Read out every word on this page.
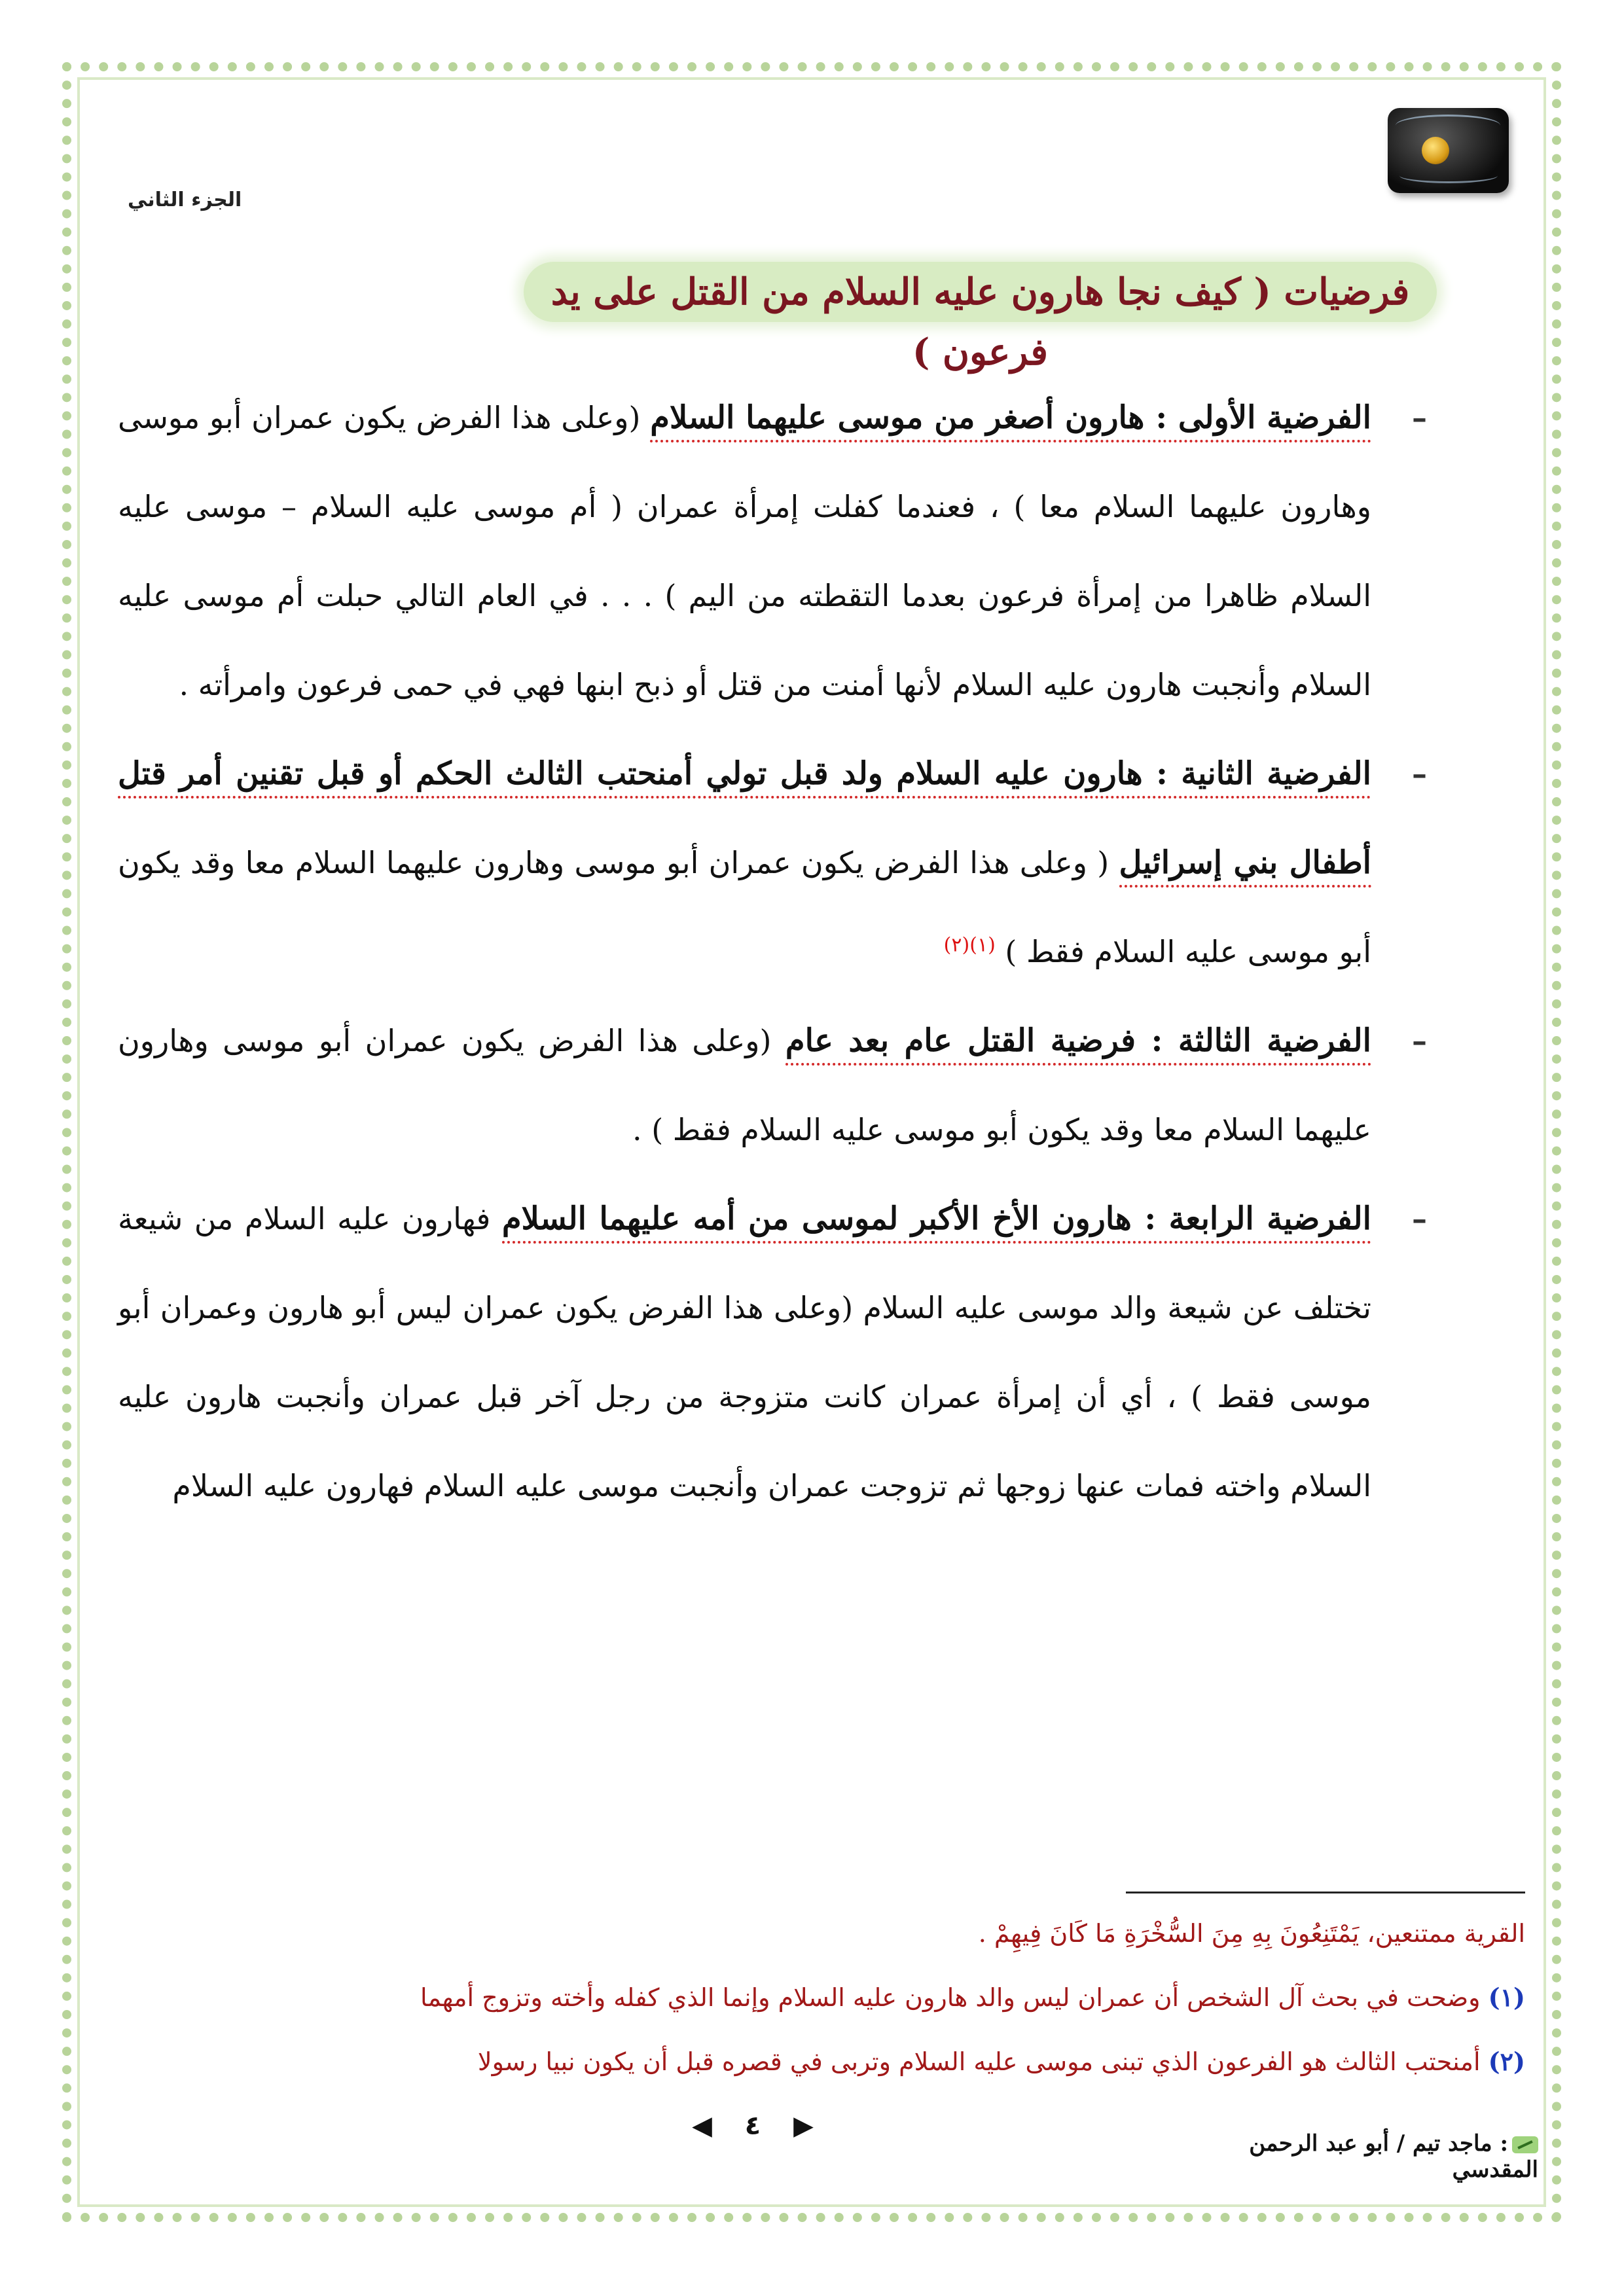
الجزء الثاني
فرضيات ( كيف نجا هارون عليه السلام من القتل على يد فرعون )

–
الفرضية الأولى : هارون أصغر من موسى عليهما السلام (وعلى هذا الفرض يكون عمران أبو موسى وهارون عليهما السلام معا ) ، فعندما كفلت إمرأة عمران ( أم موسى عليه السلام – موسى عليه السلام ظاهرا من إمرأة فرعون بعدما التقطته من اليم ) . . . في العام التالي حبلت أم موسى عليه السلام وأنجبت هارون عليه السلام لأنها أمنت من قتل أو ذبح ابنها فهي في حمى فرعون وامرأته .

–
الفرضية الثانية : هارون عليه السلام ولد قبل تولي أمنحتب الثالث الحكم أو قبل تقنين أمر قتل أطفال بني إسرائيل ( وعلى هذا الفرض يكون عمران أبو موسى وهارون عليهما السلام معا وقد يكون أبو موسى عليه السلام فقط ) $^{(١)(٢)}$

–
الفرضية الثالثة : فرضية القتل عام بعد عام (وعلى هذا الفرض يكون عمران أبو موسى وهارون عليهما السلام معا وقد يكون أبو موسى عليه السلام فقط ) .

–
الفرضية الرابعة : هارون الأخ الأكبر لموسى من أمه عليهما السلام فهارون عليه السلام من شيعة تختلف عن شيعة والد موسى عليه السلام (وعلى هذا الفرض يكون عمران ليس أبو هارون وعمران أبو موسى فقط ) ، أي أن إمرأة عمران كانت متزوجة من رجل آخر قبل عمران وأنجبت هارون عليه السلام واخته فمات عنها زوجها ثم تزوجت عمران وأنجبت موسى عليه السلام فهارون عليه السلام

القرية ممتنعين، يَمْتَنِعُونَ بِهِ مِنَ السُّخْرَةِ مَا كَانَ فِيهِمْ .

(١) وضحت في بحث آل الشخص أن عمران ليس والد هارون عليه السلام وإنما الذي كفله وأخته وتزوج أمهما

(٢) أمنحتب الثالث هو الفرعون الذي تبنى موسى عليه السلام وتربى في قصره قبل أن يكون نبيا رسولا

◀ ٤ ▶
: ماجد تيم / أبو عبد الرحمن المقدسي
